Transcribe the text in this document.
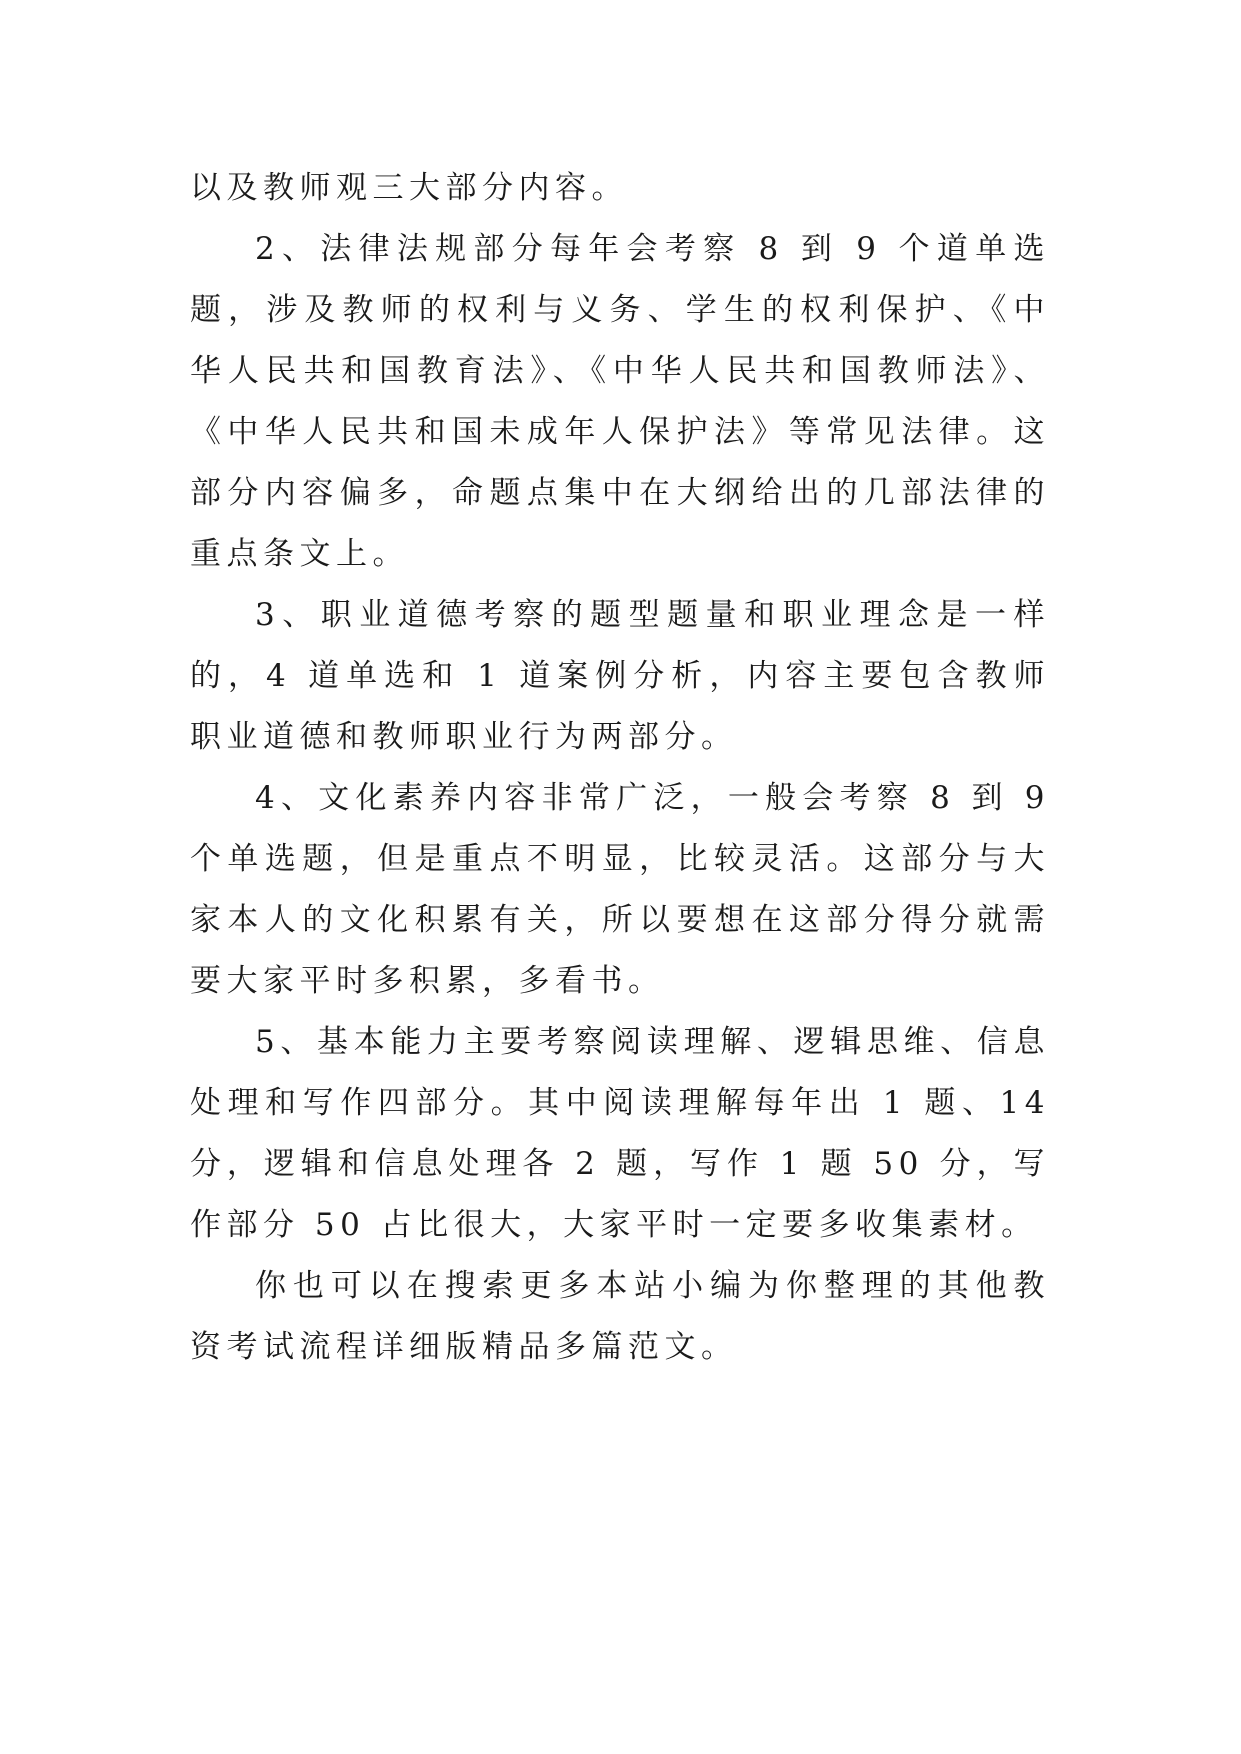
以及教师观三大部分内容。

2、法律法规部分每年会考察 8 到 9 个道单选题，涉及教师的权利与义务、学生的权利保护、《中华人民共和国教育法》、《中华人民共和国教师法》、《中华人民共和国未成年人保护法》等常见法律。这部分内容偏多，命题点集中在大纲给出的几部法律的重点条文上。

3、职业道德考察的题型题量和职业理念是一样的，4 道单选和 1 道案例分析，内容主要包含教师职业道德和教师职业行为两部分。

4、文化素养内容非常广泛，一般会考察 8 到 9 个单选题，但是重点不明显，比较灵活。这部分与大家本人的文化积累有关，所以要想在这部分得分就需要大家平时多积累，多看书。

5、基本能力主要考察阅读理解、逻辑思维、信息处理和写作四部分。其中阅读理解每年出 1 题、14 分，逻辑和信息处理各 2 题，写作 1 题 50 分，写作部分 50 占比很大，大家平时一定要多收集素材。

你也可以在搜索更多本站小编为你整理的其他教资考试流程详细版精品多篇范文。
